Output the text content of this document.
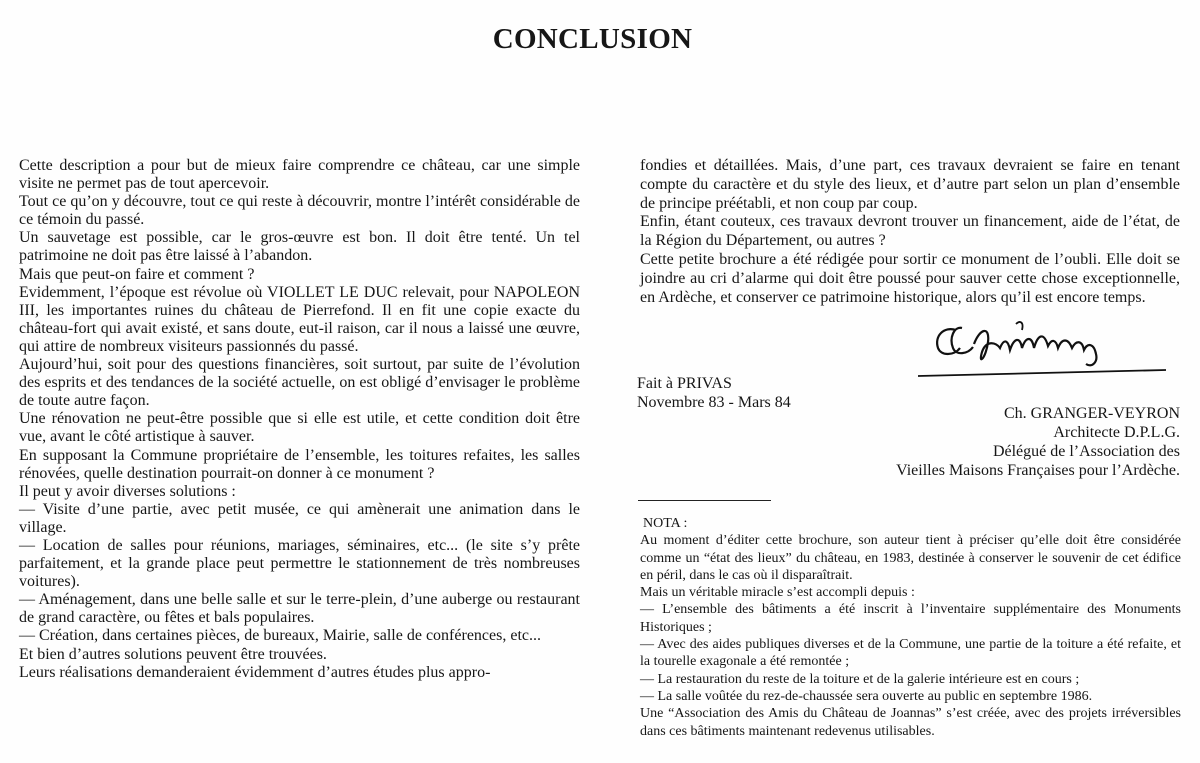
CONCLUSION

Cette description a pour but de mieux faire comprendre ce château, car une simple visite ne permet pas de tout apercevoir.

Tout ce qu’on y découvre, tout ce qui reste à découvrir, montre l’intérêt considérable de ce témoin du passé.

Un sauvetage est possible, car le gros-œuvre est bon. Il doit être tenté. Un tel patrimoine ne doit pas être laissé à l’abandon.

Mais que peut-on faire et comment ?

Evidemment, l’époque est révolue où VIOLLET LE DUC relevait, pour NAPOLEON III, les importantes ruines du château de Pierrefond. Il en fit une copie exacte du château-fort qui avait existé, et sans doute, eut-il raison, car il nous a laissé une œuvre, qui attire de nombreux visiteurs passionnés du passé.

Aujourd’hui, soit pour des questions financières, soit surtout, par suite de l’évolution des esprits et des tendances de la société actuelle, on est obligé d’envisager le problème de toute autre façon.

Une rénovation ne peut-être possible que si elle est utile, et cette condition doit être vue, avant le côté artistique à sauver.

En supposant la Commune propriétaire de l’ensemble, les toitures refaites, les salles rénovées, quelle destination pourrait-on donner à ce monument ?

Il peut y avoir diverses solutions :

— Visite d’une partie, avec petit musée, ce qui amènerait une animation dans le village.

— Location de salles pour réunions, mariages, séminaires, etc... (le site s’y prête parfaitement, et la grande place peut permettre le stationnement de très nombreuses voitures).

— Aménagement, dans une belle salle et sur le terre-plein, d’une auberge ou restaurant de grand caractère, ou fêtes et bals populaires.

— Création, dans certaines pièces, de bureaux, Mairie, salle de conférences, etc...

Et bien d’autres solutions peuvent être trouvées.

Leurs réalisations demanderaient évidemment d’autres études plus appro-

fondies et détaillées. Mais, d’une part, ces travaux devraient se faire en tenant compte du caractère et du style des lieux, et d’autre part selon un plan d’ensemble de principe préétabli, et non coup par coup.

Enfin, étant couteux, ces travaux devront trouver un financement, aide de l’état, de la Région du Département, ou autres ?

Cette petite brochure a été rédigée pour sortir ce monument de l’oubli. Elle doit se joindre au cri d’alarme qui doit être poussé pour sauver cette chose exceptionnelle, en Ardèche, et conserver ce patrimoine historique, alors qu’il est encore temps.

Fait à PRIVAS
Novembre 83 - Mars 84
Ch. GRANGER-VEYRON
Architecte D.P.L.G.
Délégué de l’Association des
Vieilles Maisons Françaises pour l’Ardèche.

NOTA :

Au moment d’éditer cette brochure, son auteur tient à préciser qu’elle doit être considérée comme un “état des lieux” du château, en 1983, destinée à conserver le souvenir de cet édifice en péril, dans le cas où il disparaîtrait.

Mais un véritable miracle s’est accompli depuis :

— L’ensemble des bâtiments a été inscrit à l’inventaire supplémentaire des Monuments Historiques ;

— Avec des aides publiques diverses et de la Commune, une partie de la toiture a été refaite, et la tourelle exagonale a été remontée ;

— La restauration du reste de la toiture et de la galerie intérieure est en cours ;

— La salle voûtée du rez-de-chaussée sera ouverte au public en septembre 1986.

Une “Association des Amis du Château de Joannas” s’est créée, avec des projets irréversibles dans ces bâtiments maintenant redevenus utilisables.
